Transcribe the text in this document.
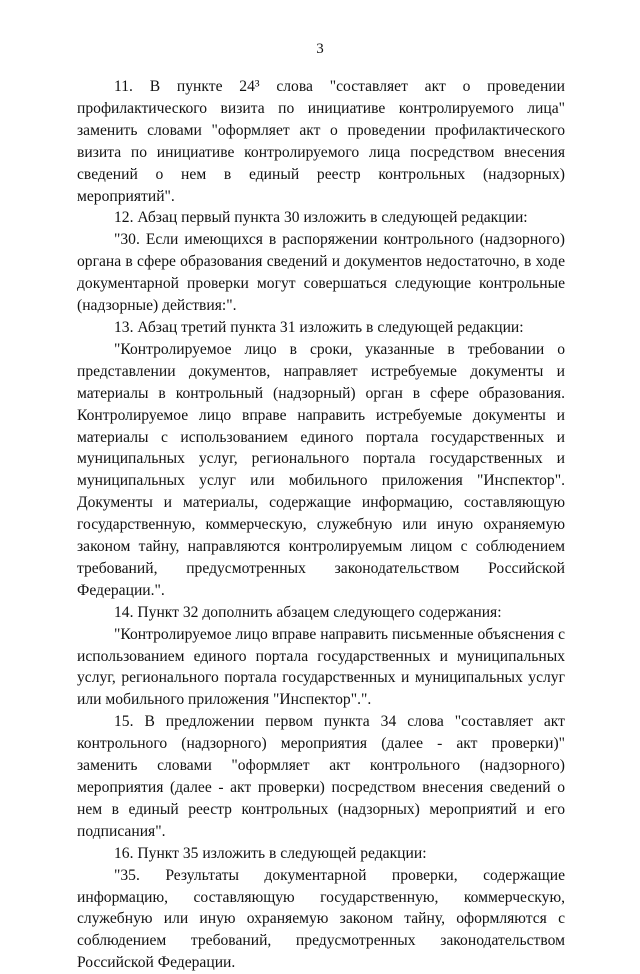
3

11. В пункте 24³ слова "составляет акт о проведении профилактического визита по инициативе контролируемого лица" заменить словами "оформляет акт о проведении профилактического визита по инициативе контролируемого лица посредством внесения сведений о нем в единый реестр контрольных (надзорных) мероприятий".

12. Абзац первый пункта 30 изложить в следующей редакции:

"30. Если имеющихся в распоряжении контрольного (надзорного) органа в сфере образования сведений и документов недостаточно, в ходе документарной проверки могут совершаться следующие контрольные (надзорные) действия:".

13. Абзац третий пункта 31 изложить в следующей редакции:

"Контролируемое лицо в сроки, указанные в требовании о представлении документов, направляет истребуемые документы и материалы в контрольный (надзорный) орган в сфере образования. Контролируемое лицо вправе направить истребуемые документы и материалы с использованием единого портала государственных и муниципальных услуг, регионального портала государственных и муниципальных услуг или мобильного приложения "Инспектор". Документы и материалы, содержащие информацию, составляющую государственную, коммерческую, служебную или иную охраняемую законом тайну, направляются контролируемым лицом с соблюдением требований, предусмотренных законодательством Российской Федерации.".

14. Пункт 32 дополнить абзацем следующего содержания:

"Контролируемое лицо вправе направить письменные объяснения с использованием единого портала государственных и муниципальных услуг, регионального портала государственных и муниципальных услуг или мобильного приложения "Инспектор".".

15. В предложении первом пункта 34 слова "составляет акт контрольного (надзорного) мероприятия (далее - акт проверки)" заменить словами "оформляет акт контрольного (надзорного) мероприятия (далее - акт проверки) посредством внесения сведений о нем в единый реестр контрольных (надзорных) мероприятий и его подписания".

16. Пункт 35 изложить в следующей редакции:

"35. Результаты документарной проверки, содержащие информацию, составляющую государственную, коммерческую, служебную или иную охраняемую законом тайну, оформляются с соблюдением требований, предусмотренных законодательством Российской Федерации.
